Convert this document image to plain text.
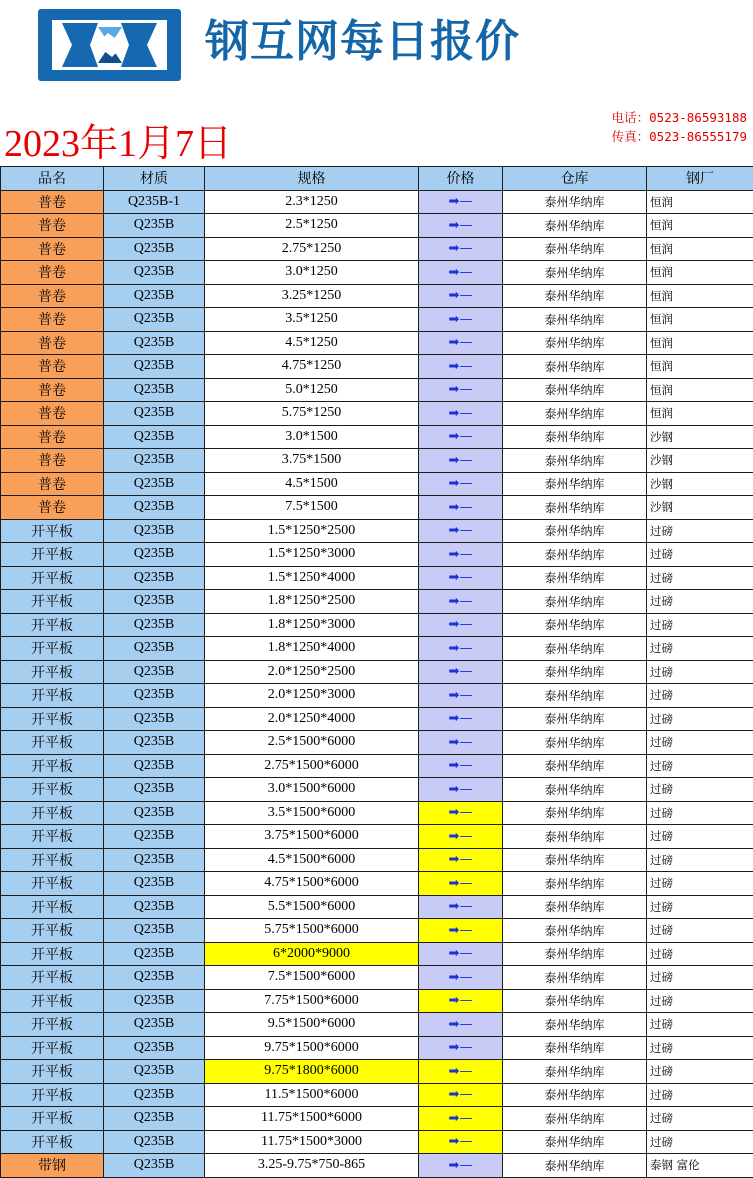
钢互网每日报价
电话：0523-86593188
传真：0523-86555179
2023年1月7日
品名	材质	规格	价格	仓库	钢厂
普卷	Q235B-1	2.3*1250	➡—	泰州华纳库	恒润
普卷	Q235B	2.5*1250	➡—	泰州华纳库	恒润
普卷	Q235B	2.75*1250	➡—	泰州华纳库	恒润
普卷	Q235B	3.0*1250	➡—	泰州华纳库	恒润
普卷	Q235B	3.25*1250	➡—	泰州华纳库	恒润
普卷	Q235B	3.5*1250	➡—	泰州华纳库	恒润
普卷	Q235B	4.5*1250	➡—	泰州华纳库	恒润
普卷	Q235B	4.75*1250	➡—	泰州华纳库	恒润
普卷	Q235B	5.0*1250	➡—	泰州华纳库	恒润
普卷	Q235B	5.75*1250	➡—	泰州华纳库	恒润
普卷	Q235B	3.0*1500	➡—	泰州华纳库	沙钢
普卷	Q235B	3.75*1500	➡—	泰州华纳库	沙钢
普卷	Q235B	4.5*1500	➡—	泰州华纳库	沙钢
普卷	Q235B	7.5*1500	➡—	泰州华纳库	沙钢
开平板	Q235B	1.5*1250*2500	➡—	泰州华纳库	过磅
开平板	Q235B	1.5*1250*3000	➡—	泰州华纳库	过磅
开平板	Q235B	1.5*1250*4000	➡—	泰州华纳库	过磅
开平板	Q235B	1.8*1250*2500	➡—	泰州华纳库	过磅
开平板	Q235B	1.8*1250*3000	➡—	泰州华纳库	过磅
开平板	Q235B	1.8*1250*4000	➡—	泰州华纳库	过磅
开平板	Q235B	2.0*1250*2500	➡—	泰州华纳库	过磅
开平板	Q235B	2.0*1250*3000	➡—	泰州华纳库	过磅
开平板	Q235B	2.0*1250*4000	➡—	泰州华纳库	过磅
开平板	Q235B	2.5*1500*6000	➡—	泰州华纳库	过磅
开平板	Q235B	2.75*1500*6000	➡—	泰州华纳库	过磅
开平板	Q235B	3.0*1500*6000	➡—	泰州华纳库	过磅
开平板	Q235B	3.5*1500*6000	➡—	泰州华纳库	过磅
开平板	Q235B	3.75*1500*6000	➡—	泰州华纳库	过磅
开平板	Q235B	4.5*1500*6000	➡—	泰州华纳库	过磅
开平板	Q235B	4.75*1500*6000	➡—	泰州华纳库	过磅
开平板	Q235B	5.5*1500*6000	➡—	泰州华纳库	过磅
开平板	Q235B	5.75*1500*6000	➡—	泰州华纳库	过磅
开平板	Q235B	6*2000*9000	➡—	泰州华纳库	过磅
开平板	Q235B	7.5*1500*6000	➡—	泰州华纳库	过磅
开平板	Q235B	7.75*1500*6000	➡—	泰州华纳库	过磅
开平板	Q235B	9.5*1500*6000	➡—	泰州华纳库	过磅
开平板	Q235B	9.75*1500*6000	➡—	泰州华纳库	过磅
开平板	Q235B	9.75*1800*6000	➡—	泰州华纳库	过磅
开平板	Q235B	11.5*1500*6000	➡—	泰州华纳库	过磅
开平板	Q235B	11.75*1500*6000	➡—	泰州华纳库	过磅
开平板	Q235B	11.75*1500*3000	➡—	泰州华纳库	过磅
带钢	Q235B	3.25-9.75*750-865	➡—	泰州华纳库	泰钢 富伦
